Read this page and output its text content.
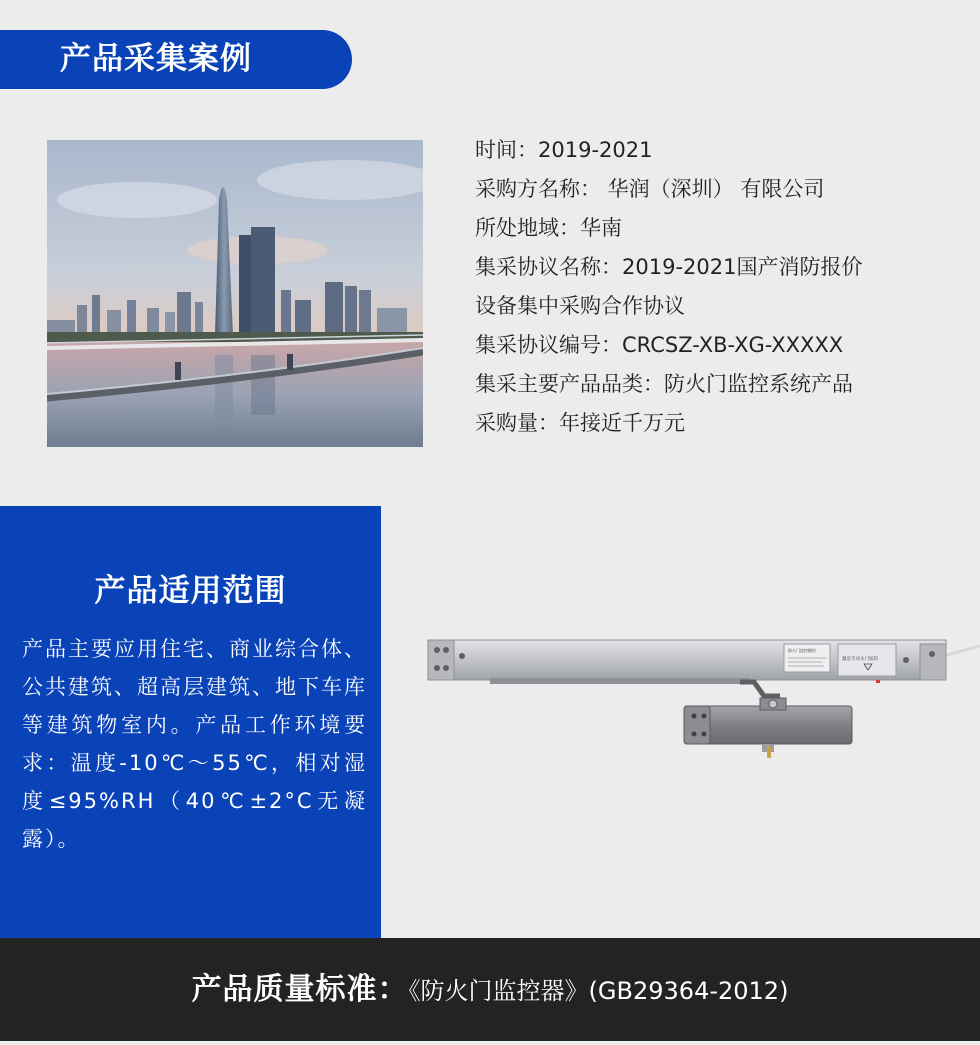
产品采集案例
时间：2019-2021
采购方名称： 华润（深圳） 有限公司
所处地域：华南
集采协议名称：2019-2021国产消防报价
设备集中采购合作协议
集采协议编号：CRCSZ-XB-XG-XXXXX
集采主要产品品类：防火门监控系统产品
采购量：年接近千万元
产品适用范围
产品主要应用住宅、商业综合体、公共建筑、超高层建筑、地下车库等建筑物室内。产品工作环境要求：温度-10℃～55℃，相对湿度≤95%RH（40℃±2°C无凝露）。
防火门监控模块
紧急手动关门按钮
产品质量标准：《防火门监控器》(GB29364-2012)
